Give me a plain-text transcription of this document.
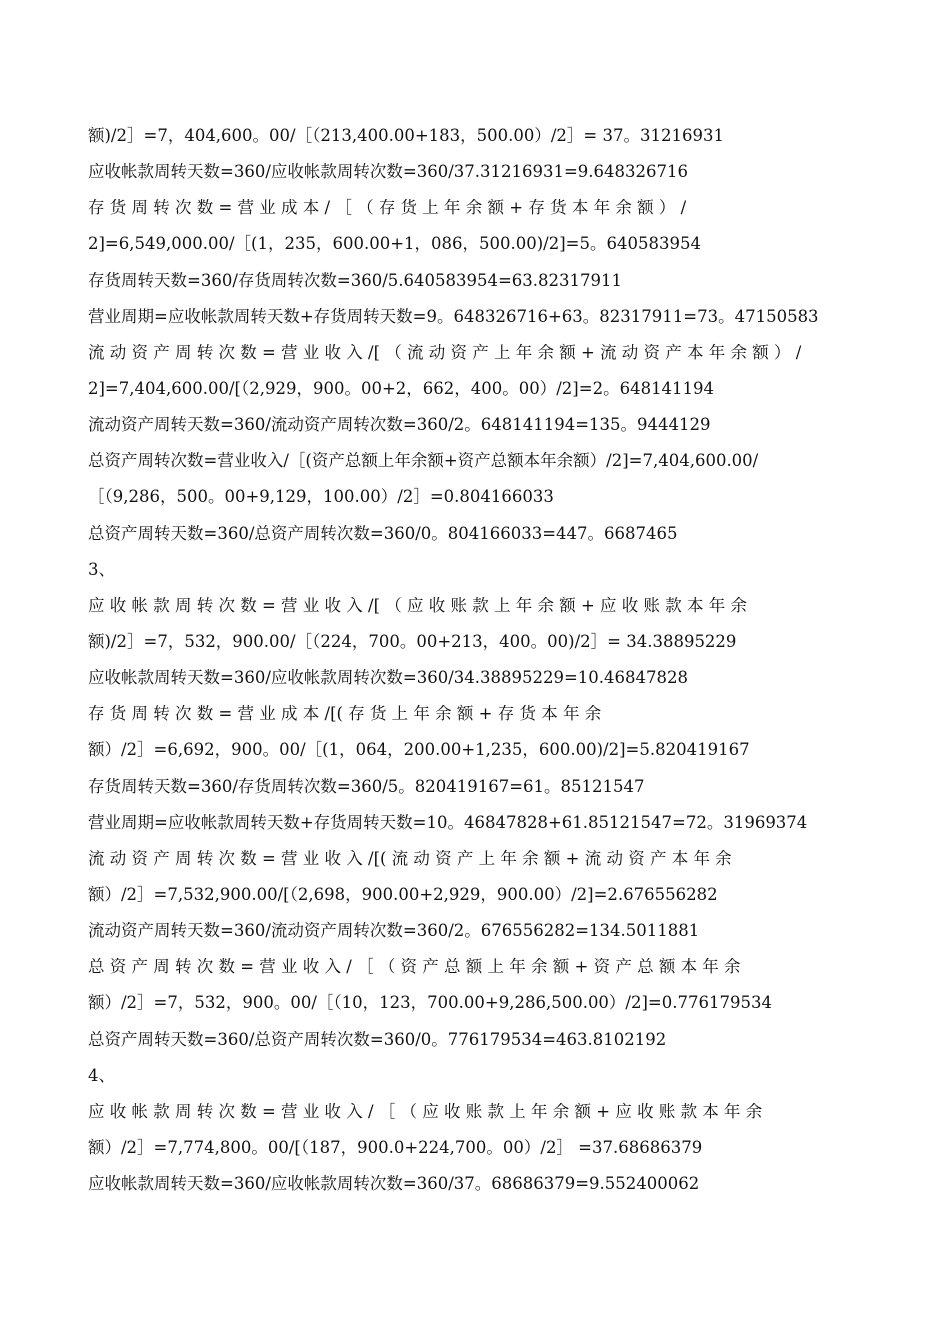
额)/2］=7，404,600。00/［（213,400.00+183，500.00）/2］= 37。31216931
应收帐款周转天数=360/应收帐款周转次数=360/37.31216931=9.648326716
存 货 周 转 次 数 = 营 业 成 本 / ［ （ 存 货 上 年 余 额 + 存 货 本 年 余 额 ） /
2]=6,549,000.00/［(1，235，600.00+1，086，500.00)/2]=5。640583954
存货周转天数=360/存货周转次数=360/5.640583954=63.82317911
营业周期=应收帐款周转天数+存货周转天数=9。648326716+63。82317911=73。47150583
流 动 资 产 周 转 次 数 = 营 业 收 入 /[ （ 流 动 资 产 上 年 余 额 + 流 动 资 产 本 年 余 额 ） /
2]=7,404,600.00/[（2,929，900。00+2，662，400。00）/2]=2。648141194
流动资产周转天数=360/流动资产周转次数=360/2。648141194=135。9444129
总资产周转次数=营业收入/［(资产总额上年余额+资产总额本年余额）/2]=7,404,600.00/
［（9,286，500。00+9,129，100.00）/2］=0.804166033
总资产周转天数=360/总资产周转次数=360/0。804166033=447。6687465
3、
应 收 帐 款 周 转 次 数 = 营 业 收 入 /[ （ 应 收 账 款 上 年 余 额 + 应 收 账 款 本 年 余
额)/2］=7，532，900.00/［（224，700。00+213，400。00)/2］= 34.38895229
应收帐款周转天数=360/应收帐款周转次数=360/34.38895229=10.46847828
存 货 周 转 次 数 = 营 业 成 本 /[( 存 货 上 年 余 额 + 存 货 本 年 余
额）/2］=6,692，900。00/［(1，064，200.00+1,235，600.00)/2]=5.820419167
存货周转天数=360/存货周转次数=360/5。820419167=61。85121547
营业周期=应收帐款周转天数+存货周转天数=10。46847828+61.85121547=72。31969374
流 动 资 产 周 转 次 数 = 营 业 收 入 /[( 流 动 资 产 上 年 余 额 + 流 动 资 产 本 年 余
额）/2］=7,532,900.00/[（2,698，900.00+2,929，900.00）/2]=2.676556282
流动资产周转天数=360/流动资产周转次数=360/2。676556282=134.5011881
总 资 产 周 转 次 数 = 营 业 收 入 / ［ （ 资 产 总 额 上 年 余 额 + 资 产 总 额 本 年 余
额）/2］=7，532，900。00/［（10，123，700.00+9,286,500.00）/2]=0.776179534
总资产周转天数=360/总资产周转次数=360/0。776179534=463.8102192
4、
应 收 帐 款 周 转 次 数 = 营 业 收 入 / ［ （ 应 收 账 款 上 年 余 额 + 应 收 账 款 本 年 余
额）/2］=7,774,800。00/[（187，900.0+224,700。00）/2］ =37.68686379
应收帐款周转天数=360/应收帐款周转次数=360/37。68686379=9.552400062
